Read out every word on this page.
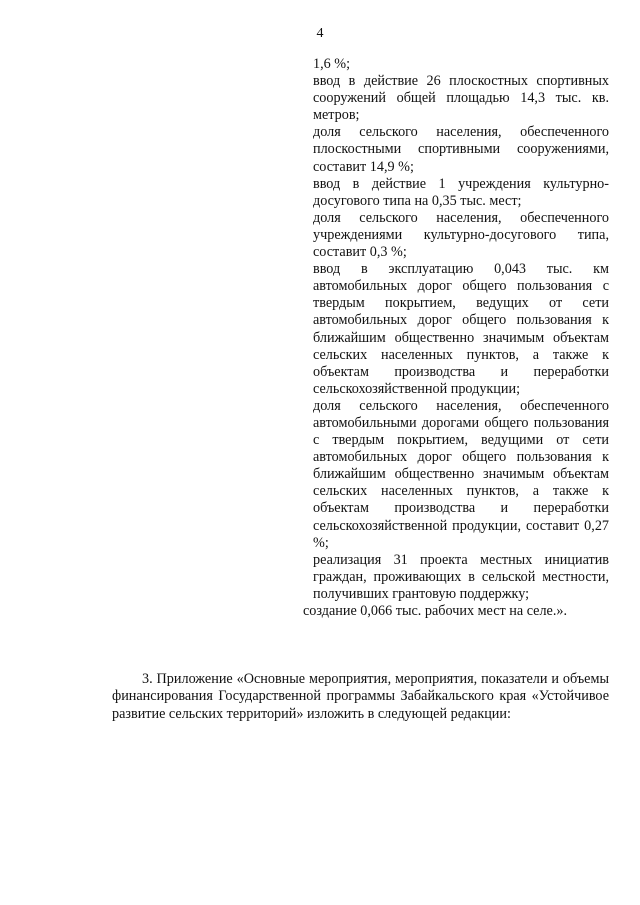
4

1,6 %;

ввод в действие 26 плоскостных спортивных сооружений общей площадью 14,3 тыс. кв. метров;

доля сельского населения, обеспеченного плоскостными спортивными сооружениями, составит 14,9 %;

ввод в действие 1 учреждения культурно-досугового типа на 0,35 тыс. мест;

доля сельского населения, обеспеченного учреждениями культурно-досугового типа, составит 0,3 %;

ввод в эксплуатацию 0,043 тыс. км автомобильных дорог общего пользования с твердым покрытием, ведущих от сети автомобильных дорог общего пользования к ближайшим общественно значимым объектам сельских населенных пунктов, а также к объектам производства и переработки сельскохозяйственной продукции;

доля сельского населения, обеспеченного автомобильными дорогами общего пользования с твердым покрытием, ведущими от сети автомобильных дорог общего пользования к ближайшим общественно значимым объектам сельских населенных пунктов, а также к объектам производства и переработки сельскохозяйственной продукции, составит 0,27 %;

реализация 31 проекта местных инициатив граждан, проживающих в сельской местности, получивших грантовую поддержку;

создание 0,066 тыс. рабочих мест на селе.».

3. Приложение «Основные мероприятия, мероприятия, показатели и объемы финансирования Государственной программы Забайкальского края «Устойчивое развитие сельских территорий» изложить в следующей редакции:
